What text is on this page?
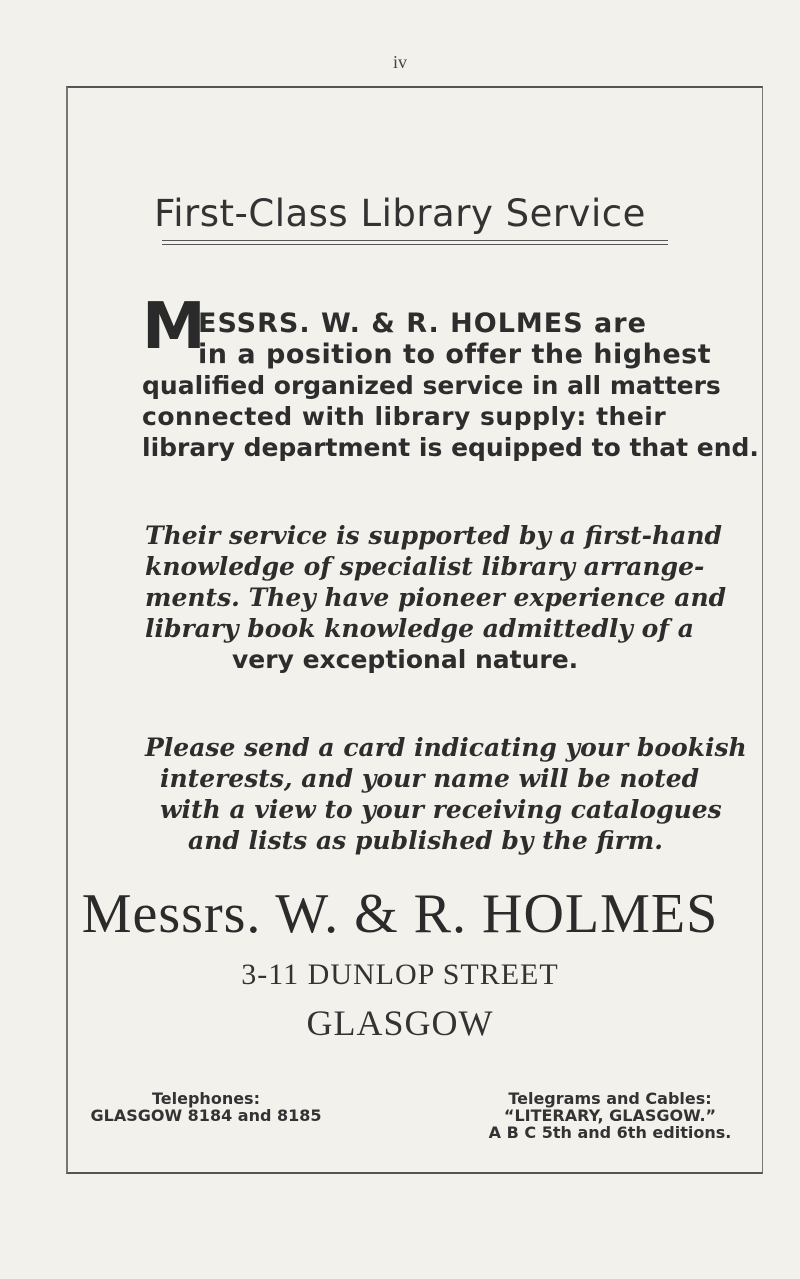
iv
First-Class Library Service
M
ESSRS. W. & R. HOLMES are
in a position to offer the highest
qualified organized service in all matters
connected with library supply: their
library department is equipped to that end.
Their service is supported by a first-hand
knowledge of specialist library arrange-
ments. They have pioneer experience and
library book knowledge admittedly of a
very exceptional nature.
Please send a card indicating your bookish
interests, and your name will be noted
with a view to your receiving catalogues
and lists as published by the firm.
Messrs. W. & R. HOLMES
3-11 DUNLOP STREET
GLASGOW
Telephones:
GLASGOW 8184 and 8185
Telegrams and Cables:
“LITERARY, GLASGOW.”
A B C 5th and 6th editions.
